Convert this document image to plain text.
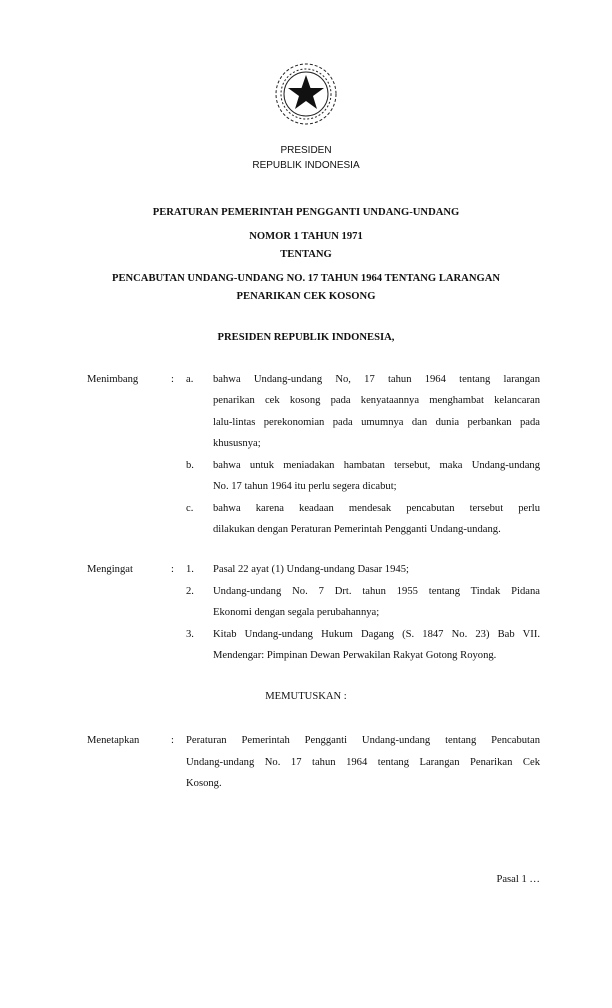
PRESIDEN
REPUBLIK INDONESIA
PERATURAN PEMERINTAH PENGGANTI UNDANG-UNDANG
NOMOR 1 TAHUN 1971
TENTANG
PENCABUTAN UNDANG-UNDANG NO. 17 TAHUN 1964 TENTANG LARANGAN
PENARIKAN CEK KOSONG
PRESIDEN REPUBLIK INDONESIA,
Menimbang	: a. bahwa Undang-undang No, 17 tahun 1964 tentang larangan
penarikan cek kosong pada kenyataannya menghambat kelancaran
lalu-lintas perekonomian pada umumnya dan dunia perbankan pada
khususnya;
b. bahwa untuk meniadakan hambatan tersebut, maka Undang-undang
No. 17 tahun 1964 itu perlu segera dicabut;
c. bahwa karena keadaan mendesak pencabutan tersebut perlu
dilakukan dengan Peraturan Pemerintah Pengganti Undang-undang.
Mengingat	: 1. Pasal 22 ayat (1) Undang-undang Dasar 1945;
2. Undang-undang No. 7 Drt. tahun 1955 tentang Tindak Pidana
Ekonomi dengan segala perubahannya;
3. Kitab Undang-undang Hukum Dagang (S. 1847 No. 23) Bab VII.
Mendengar: Pimpinan Dewan Perwakilan Rakyat Gotong Royong.
MEMUTUSKAN :
Menetapkan	: Peraturan Pemerintah Pengganti Undang-undang tentang Pencabutan
Undang-undang No. 17 tahun 1964 tentang Larangan Penarikan Cek
Kosong.
Pasal 1 …
